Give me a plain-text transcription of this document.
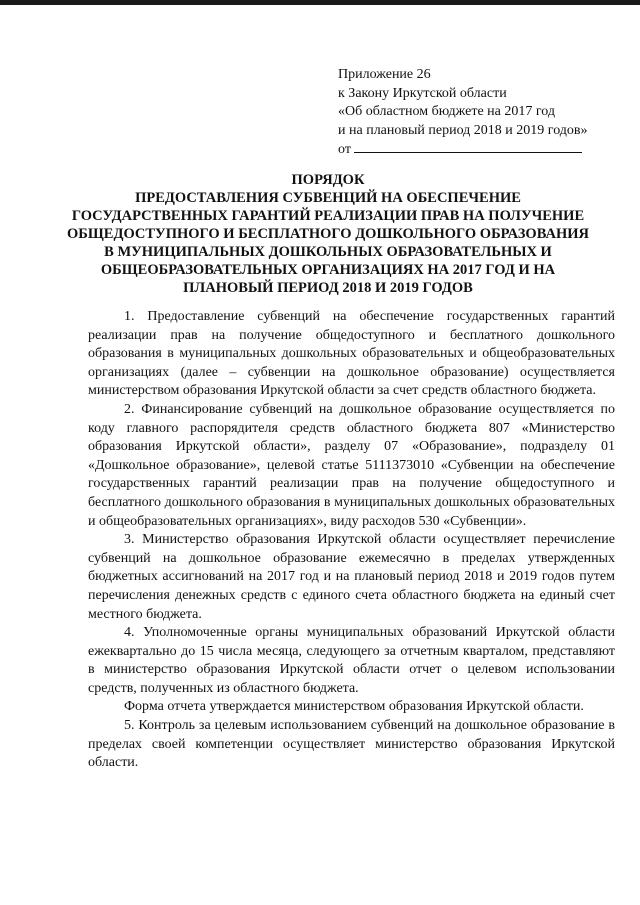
Приложение 26
к Закону Иркутской области
«Об областном бюджете на 2017 год
и на плановый период 2018 и 2019 годов»
от
ПОРЯДОК
ПРЕДОСТАВЛЕНИЯ СУБВЕНЦИЙ НА ОБЕСПЕЧЕНИЕ
ГОСУДАРСТВЕННЫХ ГАРАНТИЙ РЕАЛИЗАЦИИ ПРАВ НА ПОЛУЧЕНИЕ
ОБЩЕДОСТУПНОГО И БЕСПЛАТНОГО ДОШКОЛЬНОГО ОБРАЗОВАНИЯ
В МУНИЦИПАЛЬНЫХ ДОШКОЛЬНЫХ ОБРАЗОВАТЕЛЬНЫХ И
ОБЩЕОБРАЗОВАТЕЛЬНЫХ ОРГАНИЗАЦИЯХ НА 2017 ГОД И НА
ПЛАНОВЫЙ ПЕРИОД 2018 И 2019 ГОДОВ

1. Предоставление субвенций на обеспечение государственных гарантий реализации прав на получение общедоступного и бесплатного дошкольного образования в муниципальных дошкольных образовательных и общеобразовательных организациях (далее – субвенции на дошкольное образование) осуществляется министерством образования Иркутской области за счет средств областного бюджета.

2. Финансирование субвенций на дошкольное образование осуществляется по коду главного распорядителя средств областного бюджета 807 «Министерство образования Иркутской области», разделу 07 «Образование», подразделу 01 «Дошкольное образование», целевой статье 5111373010 «Субвенции на обеспечение государственных гарантий реализации прав на получение общедоступного и бесплатного дошкольного образования в муниципальных дошкольных образовательных и общеобразовательных организациях», виду расходов 530 «Субвенции».

3. Министерство образования Иркутской области осуществляет перечисление субвенций на дошкольное образование ежемесячно в пределах утвержденных бюджетных ассигнований на 2017 год и на плановый период 2018 и 2019 годов путем перечисления денежных средств с единого счета областного бюджета на единый счет местного бюджета.

4. Уполномоченные органы муниципальных образований Иркутской области ежеквартально до 15 числа месяца, следующего за отчетным кварталом, представляют в министерство образования Иркутской области отчет о целевом использовании средств, полученных из областного бюджета.

Форма отчета утверждается министерством образования Иркутской области.

5. Контроль за целевым использованием субвенций на дошкольное образование в пределах своей компетенции осуществляет министерство образования Иркутской области.
